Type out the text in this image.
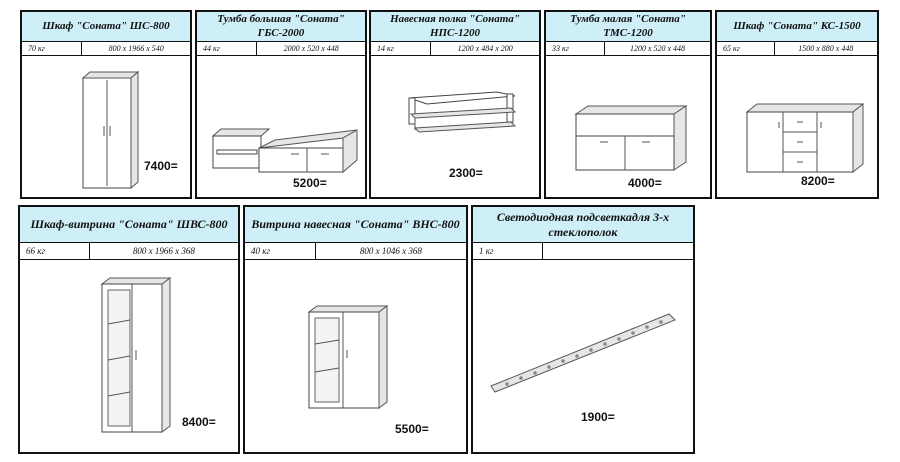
Шкаф "Соната" ШС-800
70 кг	800 x 1966 x 540
7400=
Тумба большая "Соната" ГБС-2000
44 кг	2000 x 520 x 448
5200=
Навесная полка "Соната" НПС-1200
14 кг	1200 x 484 x 200
2300=
Тумба малая "Соната" ТМС-1200
33 кг	1200 x 520 x 448
4000=
Шкаф "Соната" КС-1500
65 кг	1500 x 880 x 448
8200=
Шкаф-витрина "Соната" ШВС-800
66 кг	800 x 1966 x 368
8400=
Витрина навесная "Соната" ВНС-800
40 кг	800 x 1046 x 368
5500=
Светодиодная подсветкадля 3-х стеклополок
1 кг
1900=
